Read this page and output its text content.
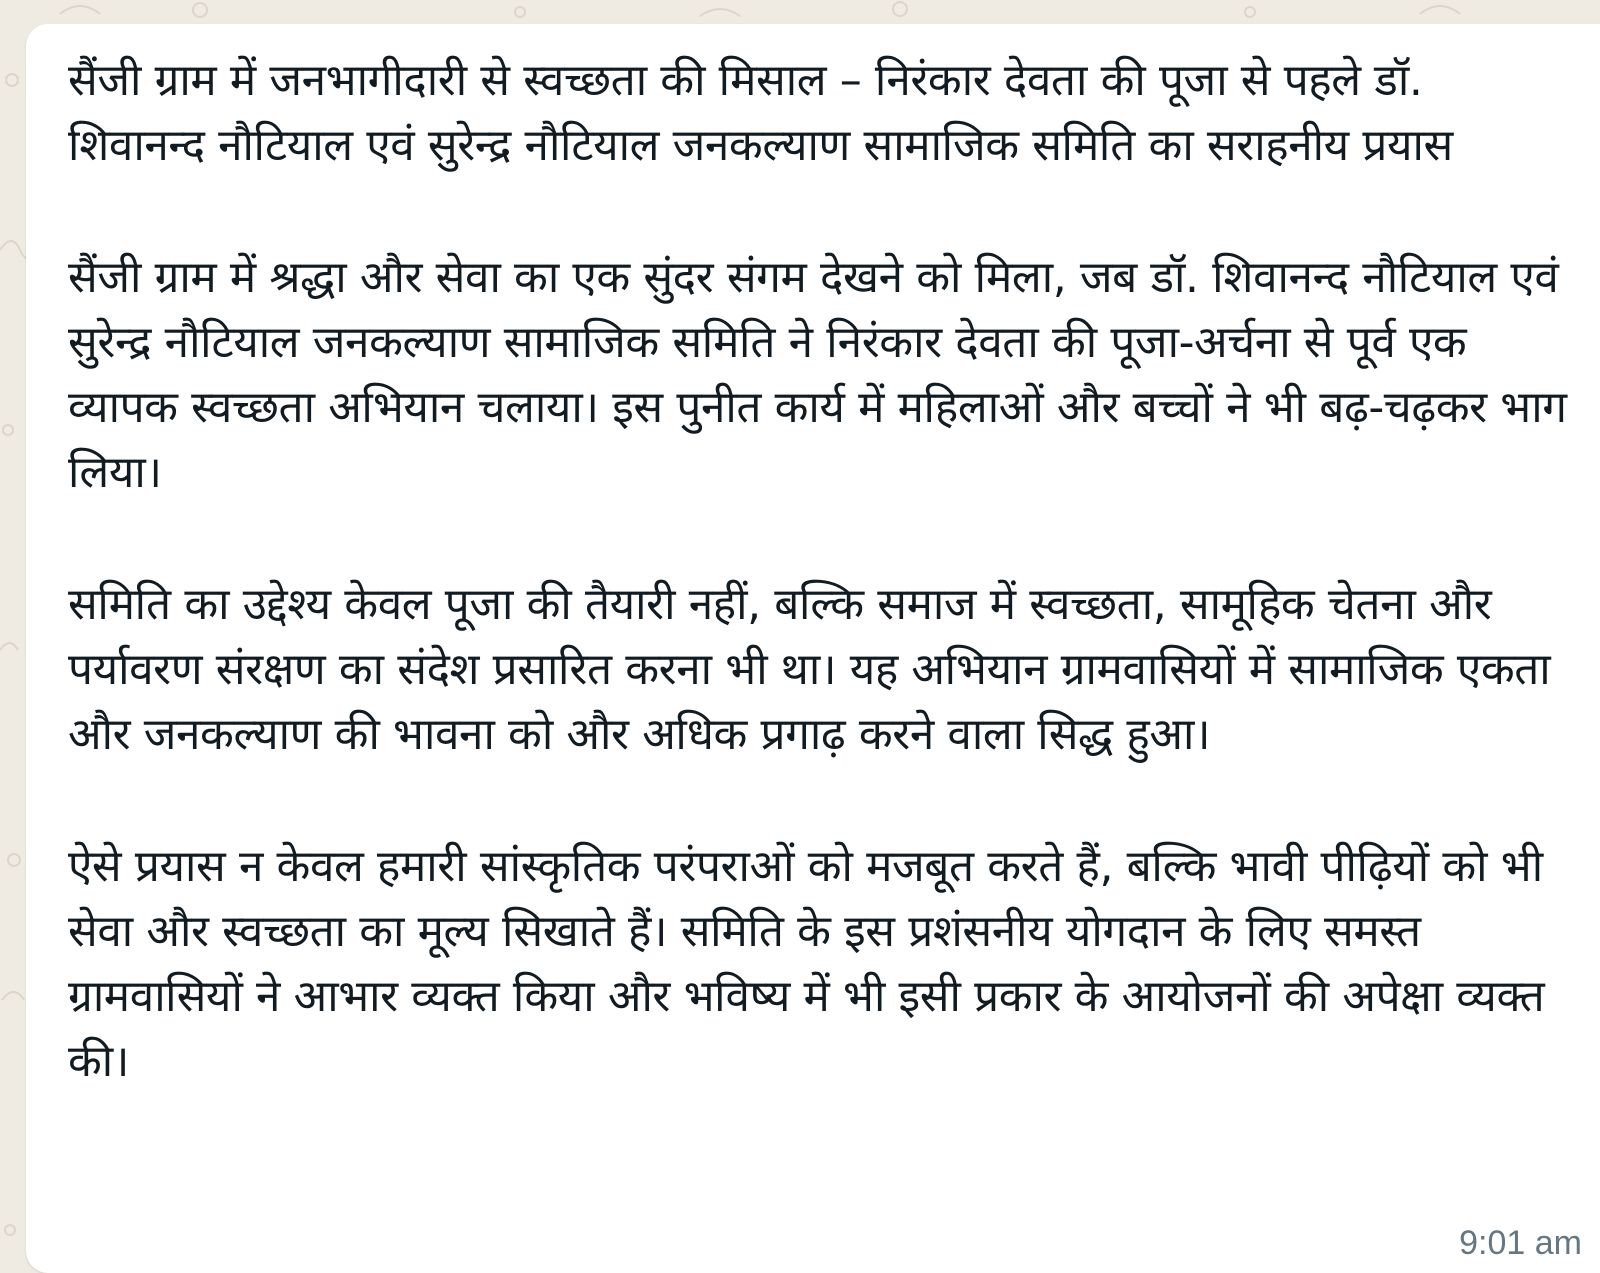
सैंजी ग्राम में जनभागीदारी से स्वच्छता की मिसाल – निरंकार देवता की पूजा से पहले डॉ. शिवानन्द नौटियाल एवं सुरेन्द्र नौटियाल जनकल्याण सामाजिक समिति का सराहनीय प्रयास

सैंजी ग्राम में श्रद्धा और सेवा का एक सुंदर संगम देखने को मिला, जब डॉ. शिवानन्द नौटियाल एवं सुरेन्द्र नौटियाल जनकल्याण सामाजिक समिति ने निरंकार देवता की पूजा-अर्चना से पूर्व एक व्यापक स्वच्छता अभियान चलाया। इस पुनीत कार्य में महिलाओं और बच्चों ने भी बढ़-चढ़कर भाग लिया।

समिति का उद्देश्य केवल पूजा की तैयारी नहीं, बल्कि समाज में स्वच्छता, सामूहिक चेतना और पर्यावरण संरक्षण का संदेश प्रसारित करना भी था। यह अभियान ग्रामवासियों में सामाजिक एकता और जनकल्याण की भावना को और अधिक प्रगाढ़ करने वाला सिद्ध हुआ।

ऐसे प्रयास न केवल हमारी सांस्कृतिक परंपराओं को मजबूत करते हैं, बल्कि भावी पीढ़ियों को भी सेवा और स्वच्छता का मूल्य सिखाते हैं। समिति के इस प्रशंसनीय योगदान के लिए समस्त ग्रामवासियों ने आभार व्यक्त किया और भविष्य में भी इसी प्रकार के आयोजनों की अपेक्षा व्यक्त की।

9:01 am
